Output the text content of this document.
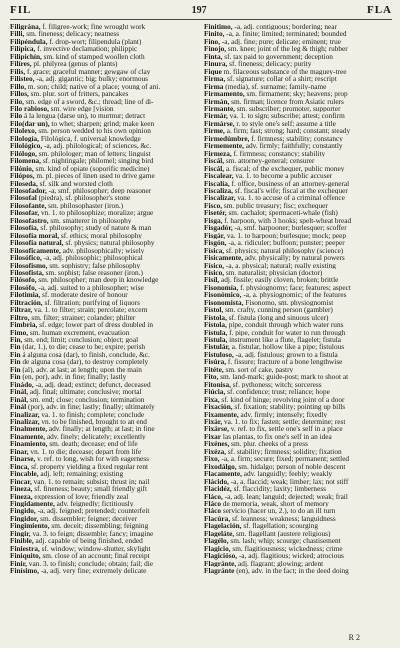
FIL	197	FLA

Filigrána, f. filigree-work; fine wrought work

Filli, sm. fineness; delicacy; neatness

Filipéndula, f. drop-wort; filipendula (plant)

Filípica, f. invective declamation; philippic

Filipichín, sm. kind of stamped woollen cloth

Filíres, pl. philyrea (genus of plants)

Filis, f. grace; graceful manner; gewgaw of clay

Filisteo, -a, adj. gigantic; big; bulky; enormous

Fillo, m. son; child; native of a place; young of ani.

Fillos, sm. plur. sort of fritters, pancakes

Filo, sm. edge of a sword, &c.; thread; line of di-

Filo rabioso, sm. wire edge [vision

Filo á la lengua (darse un), to murmur; detract

Filo(dar un), to whet; sharpen; grind; make keen

Filolexo, sm. person wedded to his own opinion

Filología, Filológica, f. universal knowledge

Filológico, -a, adj. philological; of sciences, &c.

Filólogo, sm. philologer; man of letters; linguist

Filomena, sf. nightingale; philomel; singing bird

Filónio, sm. kind of opiate (soporific medicine)

Filópos, m. pl. pieces of linen used to drive game

Filoseda, sf. silk and worsted cloth

Filosofador, -a, smf. philosopher; deep reasoner

Filosofal (piedra), sf. philosopher's stone

Filosofante, sm. philosophaster (iron.)

Filosofar, vn. 1. to philosophize; moralize; argue

Filosofastro, sm. smatterer in philosophy

Filosofía, sf. philosophy; study of nature & man

Filosofía moral, sf. ethics; moral philosophy

Filosofía natural, sf. physics; natural philosophy

Filosoficamente, adv. philosophically; wisely

Filosófico, -a, adj. philosophic; philosophical

Filosofismo, sm. sophistry; false philosophy

Filosofista, sm. sophist; false reasoner (iron.)

Filósofo, sm. philosopher; man deep in knowledge

Filosófo, -a, adj. suited to a philosopher; wise

Filotimia, sf. moderate desire of honour

Filtración, sf. filtration; purifying of liquors

Filtrar, va. 1. to filter; strain; percolate; excern

Filtro, sm. filter; strainer; colander; philter

Fimbria, sf. edge; lower part of dress doubled in

Fimo, sm. human excrement, evacuation

Fin, sm. end; limit; conclusion; object; goal

Fin (dar, 1.), to die; cease to be; expire; perish

Fin á alguna cosa (dar), to finish, conclude, &c.

Fin de alguna cosa (dar), to destroy completely

Fin (al), adv. at last; at length; upon the main

Fin (en, por), adv. in fine; finally; lastly

Finádo, -a, adj. dead; extinct; defunct, deceased

Finál, adj. final; ultimate; conclusive; mortal

Finál, sm. end; close; conclusion; termination

Finál (por), adv. in fine; lastly; finally; ultimately

Finalizar, va. 1. to finish; complete; conclude

Finalizar, vn. to be finished, brought to an end

Finalmente, adv. finally; at length; at last; in fine

Finamente, adv. finely; delicately; excellently

Finamiento, sm. death; decease; end of life

Finar, vn. 1. to die; decease; depart from life

Finarse, v. ref. to long, wish for with eagerness

Finca, sf. property yielding a fixed regular rent

Fincable, adj. left; remaining; existing

Fincar, van. 1. to remain; subsist; thrust in; nail

Fineza, sf. fineness; beauty; small friendly gift

Fineza, expression of love; friendly zeal

Fingidamente, adv. feignedly; fictitiously

Fingido, -a, adj. feigned; pretended; counterfeit

Fingidor, sm. dissembler; feigner; deceiver

Fingimiento, sm. deceit; dissembling; feigning

Fingir, va. 3. to feign; dissemble; fancy; imagine

Finible, adj. capable of being finished, ended

Finiestra, sf. window; window-shutter, skylight

Finiquito, sm. close of an account; final receipt

Finir, van. 3. to finish; conclude; obtain; fail; die

Finísimo, -a, adj. very fine; extremely delicate

Finitimo, -a, adj. contiguous; bordering; near

Finito, -a, a. finite; limited; terminated; bounded

Fino, -a, adj. fine; pure; delicate; eminent; true

Finojo, sm. knee; joint of the leg & thigh; rubber

Finta, sf. tax paid to government; deception

Finura, sf. fineness; delicacy; purity

Fique m. filaceous substance of the maguey-tree

Firma, sf. signature; collar of a shirt; rescript

Firma (media), sf. surname; family-name

Firmamento, sm. firmament; sky; heavens; prop

Firmán, sm. firman; licence from Asiatic rulers

Firmante, sm. subscriber; promoter, supporter

Firmár, va. 1. to sign; subscribe; attest; confirm

Firmárse, r. to style one's self; assume a title

Firme, a. firm; fast; strong; hard; constant; steady

Firmedúmbre, f. firmness; stability; constancy

Firmemente, adv. firmly; faithfully; constantly

Firmeza, f. firmness; constancy; stability

Fiscál, sm. attorney-general; censurer

Fiscál, a. fiscal; of the exchequer, public money

Fiscalear, va. 1. to become a public accuser

Fiscalía, f. office, business of an attorney-general

Fiscaliza, sf. fiscal's wife; fiscal at the exchequer

Fiscalizar, va. 1. to accuse of a criminal offence

Fisco, sm. public treasury; fisc; exchequer

Fisetér, sm. cachalot; spermaceti-whale (fish)

Fisga, f. harpoon, with 3 hooks; spelt-wheat bread

Fisgadór, -a, smf. harpooner; burlesquer; scoffer

Fisgár, va. 1. to harpoon; burlesque; mock; peep

Fisgón, -a, a. ridiculer; buffoon; punster; peeper

Física, sf. physics; natural philosophy (science)

Fisicamente, adv. physically; by natural powers

Físico, -a, a. physical; natural; really existing

Físico, sm. naturalist; physician (doctor)

Fisíl, adj. fissile; easily cloven, broken; brittle

Fisonomía, f. physiognomy; face; features; aspect

Fisonómico, -a, a. physiognomic; of the features

Fisonomista, Fisonomo, sm. physiognomist

Fístol, sm. crafty, cunning person (gambler)

Fístola, sf. fistula (long and sinuous ulcer)

Fístola, pipe, conduit through which water runs

Fístula, f. pipe, conduit for water to run through

Fístula, instrument like a flute, flagelet; fistula

Fistulár, a. fistular, hollow like a pipe; fistulous

Fistuloso, -a, adj. fistulous; grown to a fistula

Fisúra, f. fissure; fracture of a bone lengthwise

Fitéte, sm. sort of cake, pastry

Fito, sm. land-mark; guide-post; mark to shoot at

Fitonisa, sf. pythoness; witch; sorceress

Fiúcia, sf. confidence; trust; reliance; hope

Fixa, sf. kind of hinge; revolving joint of a door

Fixación, sf. fixation; stability; pointing up bills

Fixamente, adv. firmly; intensely; fixedly

Fixár, va. 1. to fix; fasten; settle; determine; rest

Fixárse, v. ref. to fix, settle one's self in a place

Fixar las plantas, to fix one's self in an idea

Fixénes, sm. plur. cheeks of a press

Fixéza, sf. stability; firmness; solidity; fixation

Fixo, -a, a. firm; secure; fixed; permanent; settled

Fixodálgo, sm. hidalgo; person of noble descent

Flacamente, adv. languidly; feebly; weakly

Flácido, -a, a. flaccid; weak; limber; lax; not stiff

Flacidéz, sf. flaccidity; laxity; limberness

Fláco, -a, adj. lean; languid; dejected; weak; frail

Fláco de memoria, weak, short of memory

Fláco servicio (hacer un, 2.), to do an ill turn

Flacúra, sf. leanness; weakness; languidness

Flagelación, sf. flagellation; scourging

Flageláte, sm. flagellant (austere religious)

Flagélo, sm. lash; whip; scourge; chastisement

Flagicio, sm. flagitiousness; wickedness; crime

Flagicióso, -a, adj. flagitious; wicked; atrocious

Flagránte, adj. flagrant; glowing; ardent

Flagránte (en), adv. in the fact; in the deed doing

R 2
